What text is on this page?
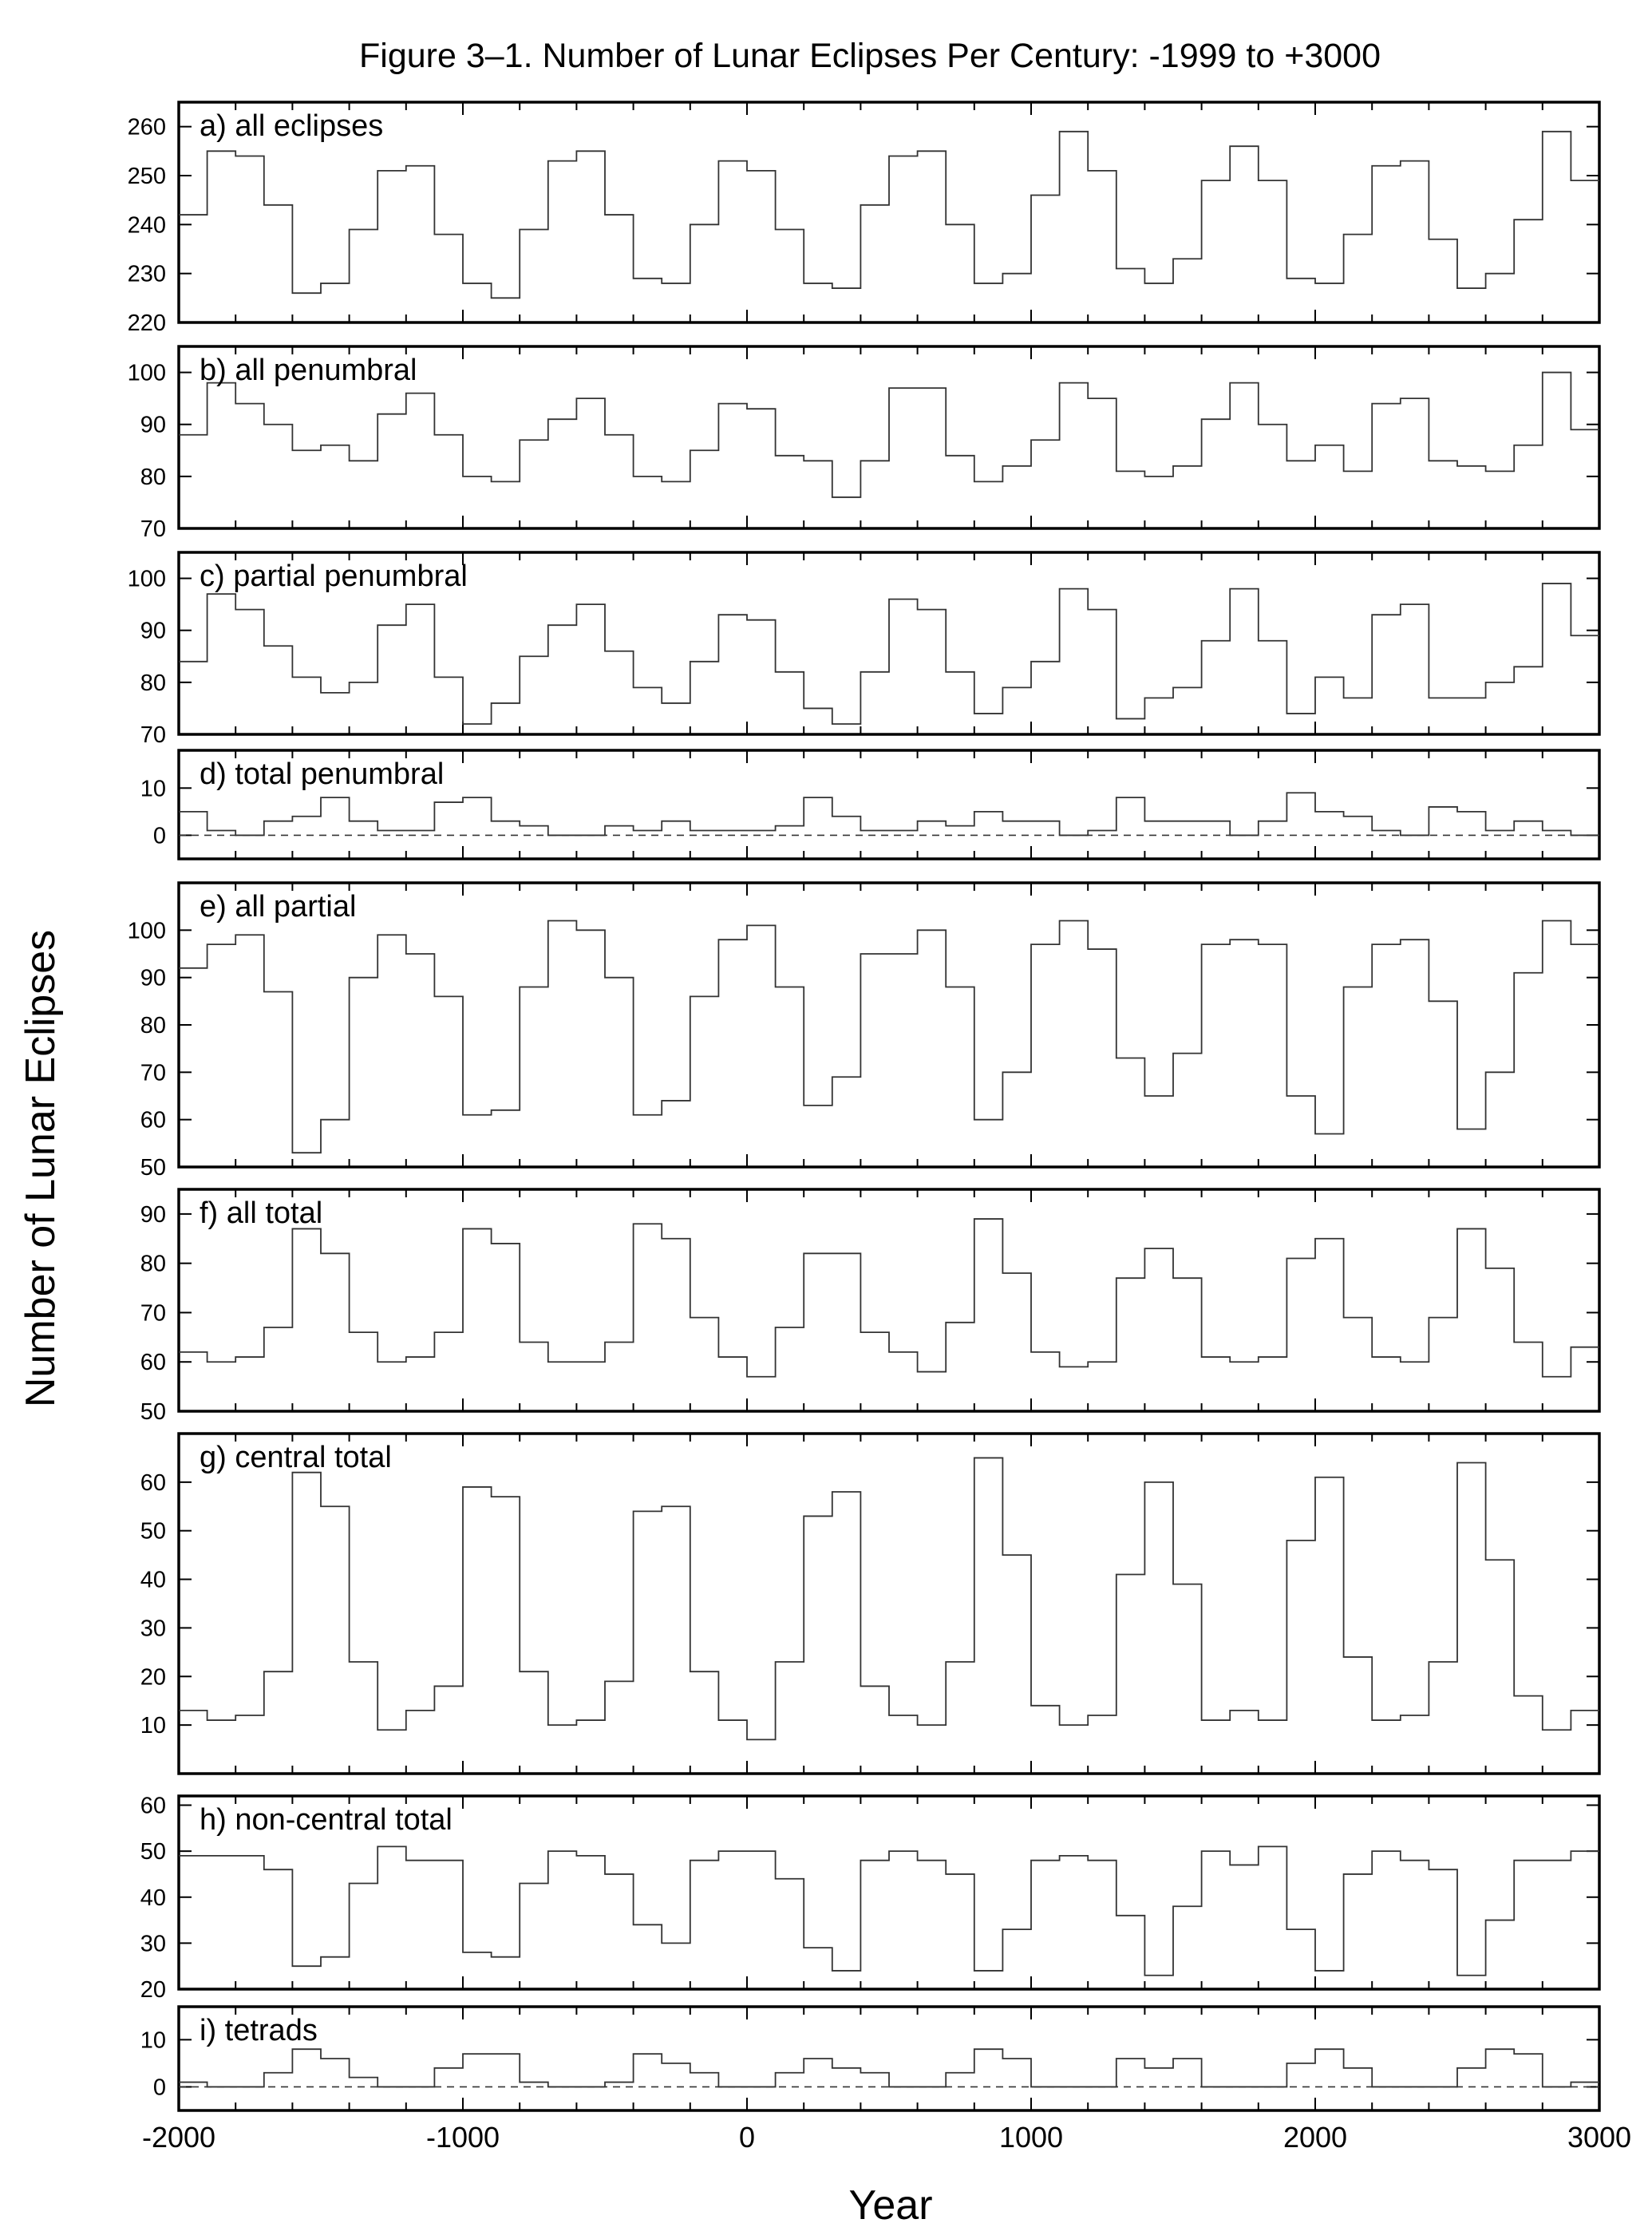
Figure 3–1. Number of Lunar Eclipses Per Century: -1999 to +3000
Number of Lunar Eclipses
Year
220
230
240
250
260 a) all eclipses
70
80
90
100 b) all penumbral
70
80
90
100 c) partial penumbral
0
10 d) total penumbral
50
60
70
80
90
100
e) all partial
50
60
70
80
90 f) all total
10
20
30
40
50
60
g) central total
20
30
40
50
60 h) non-central total
0
10 i) tetrads
-2000	-1000	0	1000	2000	3000
